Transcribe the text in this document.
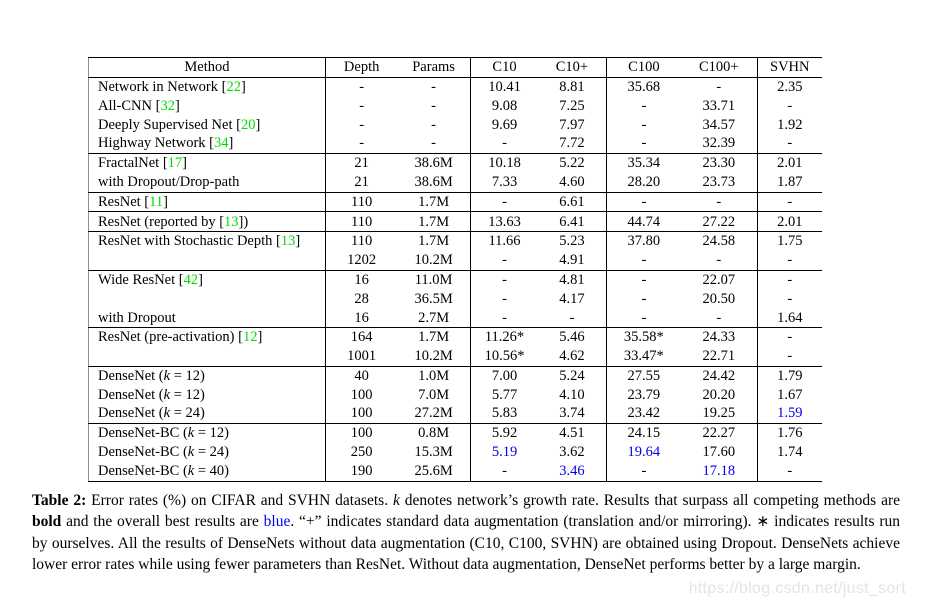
Method	Depth	Params	C10	C10+	C100	C100+	SVHN
Network in Network [22]	-	-	10.41	8.81	35.68	-	2.35
All-CNN [32]	-	-	9.08	7.25	-	33.71	-
Deeply Supervised Net [20]	-	-	9.69	7.97	-	34.57	1.92
Highway Network [34]	-	-	-	7.72	-	32.39	-
FractalNet [17]	21	38.6M	10.18	5.22	35.34	23.30	2.01
with Dropout/Drop-path	21	38.6M	7.33	4.60	28.20	23.73	1.87
ResNet [11]	110	1.7M	-	6.61	-	-	-
ResNet (reported by [13])	110	1.7M	13.63	6.41	44.74	27.22	2.01
ResNet with Stochastic Depth [13]	110	1.7M	11.66	5.23	37.80	24.58	1.75
	1202	10.2M	-	4.91	-	-	-
Wide ResNet [42]	16	11.0M	-	4.81	-	22.07	-
	28	36.5M	-	4.17	-	20.50	-
with Dropout	16	2.7M	-	-	-	-	1.64
ResNet (pre-activation) [12]	164	1.7M	11.26*	5.46	35.58*	24.33	-
	1001	10.2M	10.56*	4.62	33.47*	22.71	-
DenseNet (k = 12)	40	1.0M	7.00	5.24	27.55	24.42	1.79
DenseNet (k = 12)	100	7.0M	5.77	4.10	23.79	20.20	1.67
DenseNet (k = 24)	100	27.2M	5.83	3.74	23.42	19.25	1.59
DenseNet-BC (k = 12)	100	0.8M	5.92	4.51	24.15	22.27	1.76
DenseNet-BC (k = 24)	250	15.3M	5.19	3.62	19.64	17.60	1.74
DenseNet-BC (k = 40)	190	25.6M	-	3.46	-	17.18	-

Table 2: Error rates (%) on CIFAR and SVHN datasets. k denotes network’s growth rate. Results that surpass all competing methods are bold and the overall best results are blue. “+” indicates standard data augmentation (translation and/or mirroring). ∗ indicates results run by ourselves. All the results of DenseNets without data augmentation (C10, C100, SVHN) are obtained using Dropout. DenseNets achieve lower error rates while using fewer parameters than ResNet. Without data augmentation, DenseNet performs better by a large margin.

https://blog.csdn.net/just_sort
